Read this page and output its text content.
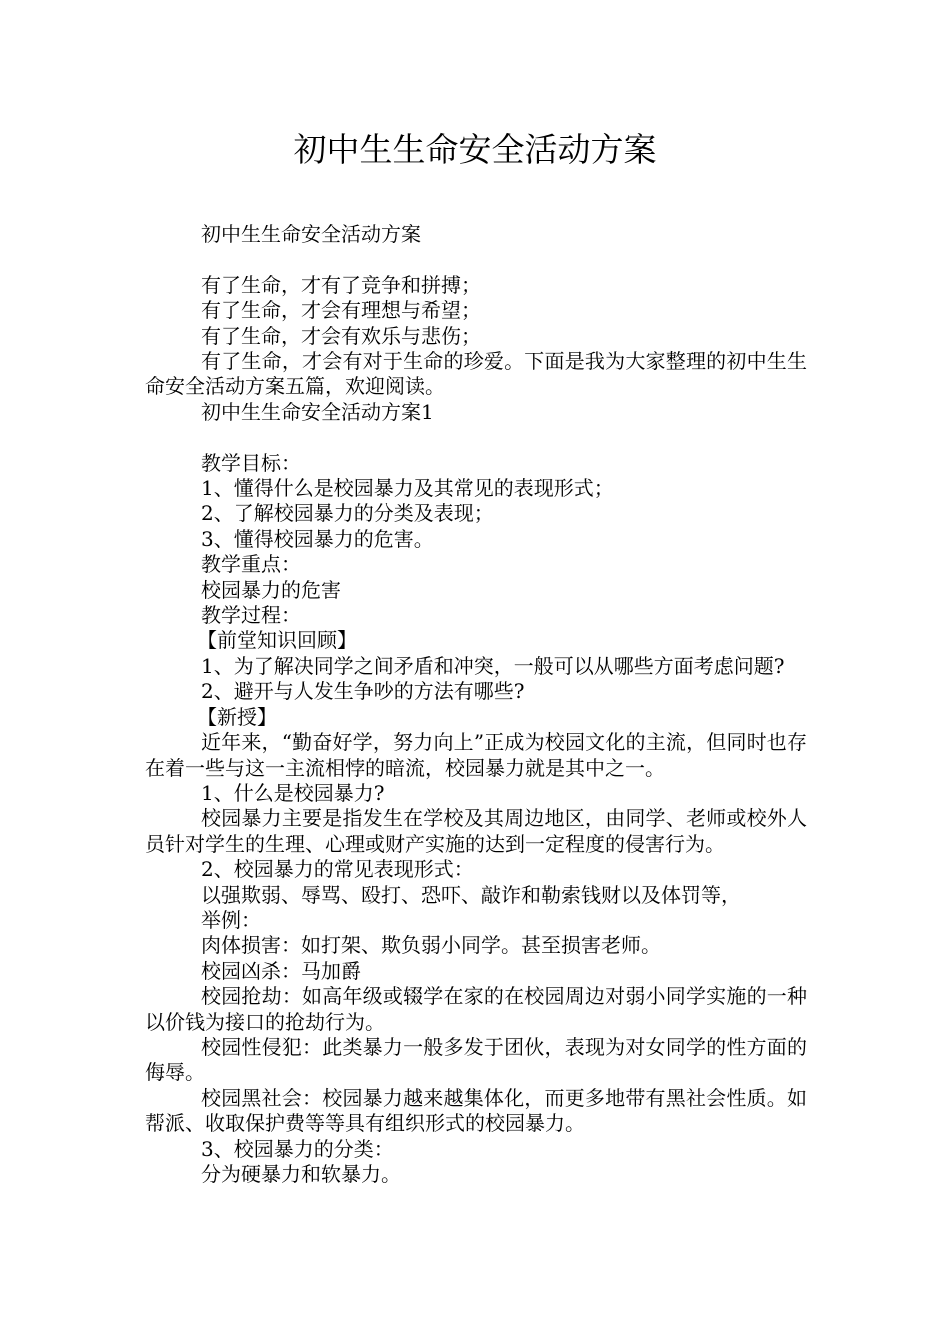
初中生生命安全活动方案

初中生生命安全活动方案

有了生命，才有了竞争和拼搏；

有了生命，才会有理想与希望；

有了生命，才会有欢乐与悲伤；

有了生命，才会有对于生命的珍爱。下面是我为大家整理的初中生生命安全活动方案五篇，欢迎阅读。

初中生生命安全活动方案1

教学目标：

1、懂得什么是校园暴力及其常见的表现形式；

2、了解校园暴力的分类及表现；

3、懂得校园暴力的危害。

教学重点：

校园暴力的危害

教学过程：

【前堂知识回顾】

1、为了解决同学之间矛盾和冲突，一般可以从哪些方面考虑问题?

2、避开与人发生争吵的方法有哪些?

【新授】

近年来，“勤奋好学，努力向上”正成为校园文化的主流，但同时也存在着一些与这一主流相悖的暗流，校园暴力就是其中之一。

1、什么是校园暴力?

校园暴力主要是指发生在学校及其周边地区，由同学、老师或校外人员针对学生的生理、心理或财产实施的达到一定程度的侵害行为。

2、校园暴力的常见表现形式：

以强欺弱、辱骂、殴打、恐吓、敲诈和勒索钱财以及体罚等，

举例：

肉体损害：如打架、欺负弱小同学。甚至损害老师。

校园凶杀：马加爵

校园抢劫：如高年级或辍学在家的在校园周边对弱小同学实施的一种以价钱为接口的抢劫行为。

校园性侵犯：此类暴力一般多发于团伙，表现为对女同学的性方面的侮辱。

校园黑社会：校园暴力越来越集体化，而更多地带有黑社会性质。如帮派、收取保护费等等具有组织形式的校园暴力。

3、校园暴力的分类：

分为硬暴力和软暴力。
